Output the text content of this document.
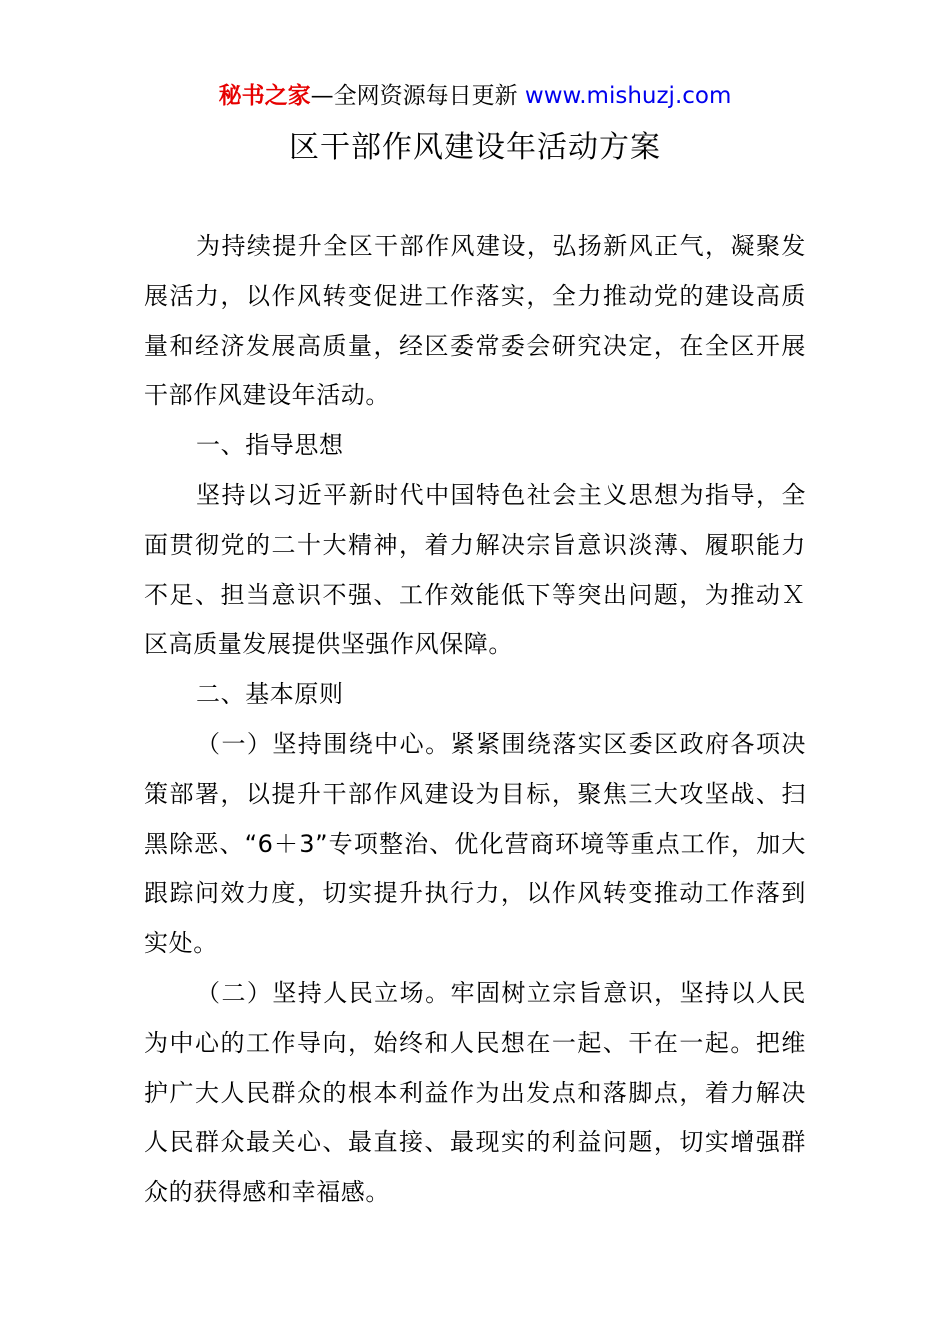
秘书之家—全网资源每日更新 www.mishuzj.com
区干部作风建设年活动方案

为持续提升全区干部作风建设，弘扬新风正气，凝聚发展活力，以作风转变促进工作落实，全力推动党的建设高质量和经济发展高质量，经区委常委会研究决定，在全区开展干部作风建设年活动。

一、指导思想

坚持以习近平新时代中国特色社会主义思想为指导，全面贯彻党的二十大精神，着力解决宗旨意识淡薄、履职能力不足、担当意识不强、工作效能低下等突出问题，为推动Ｘ区高质量发展提供坚强作风保障。

二、基本原则

（一）坚持围绕中心。紧紧围绕落实区委区政府各项决策部署，以提升干部作风建设为目标，聚焦三大攻坚战、扫黑除恶、“6＋3”专项整治、优化营商环境等重点工作，加大跟踪问效力度，切实提升执行力，以作风转变推动工作落到实处。

（二）坚持人民立场。牢固树立宗旨意识，坚持以人民为中心的工作导向，始终和人民想在一起、干在一起。把维护广大人民群众的根本利益作为出发点和落脚点，着力解决人民群众最关心、最直接、最现实的利益问题，切实增强群众的获得感和幸福感。
